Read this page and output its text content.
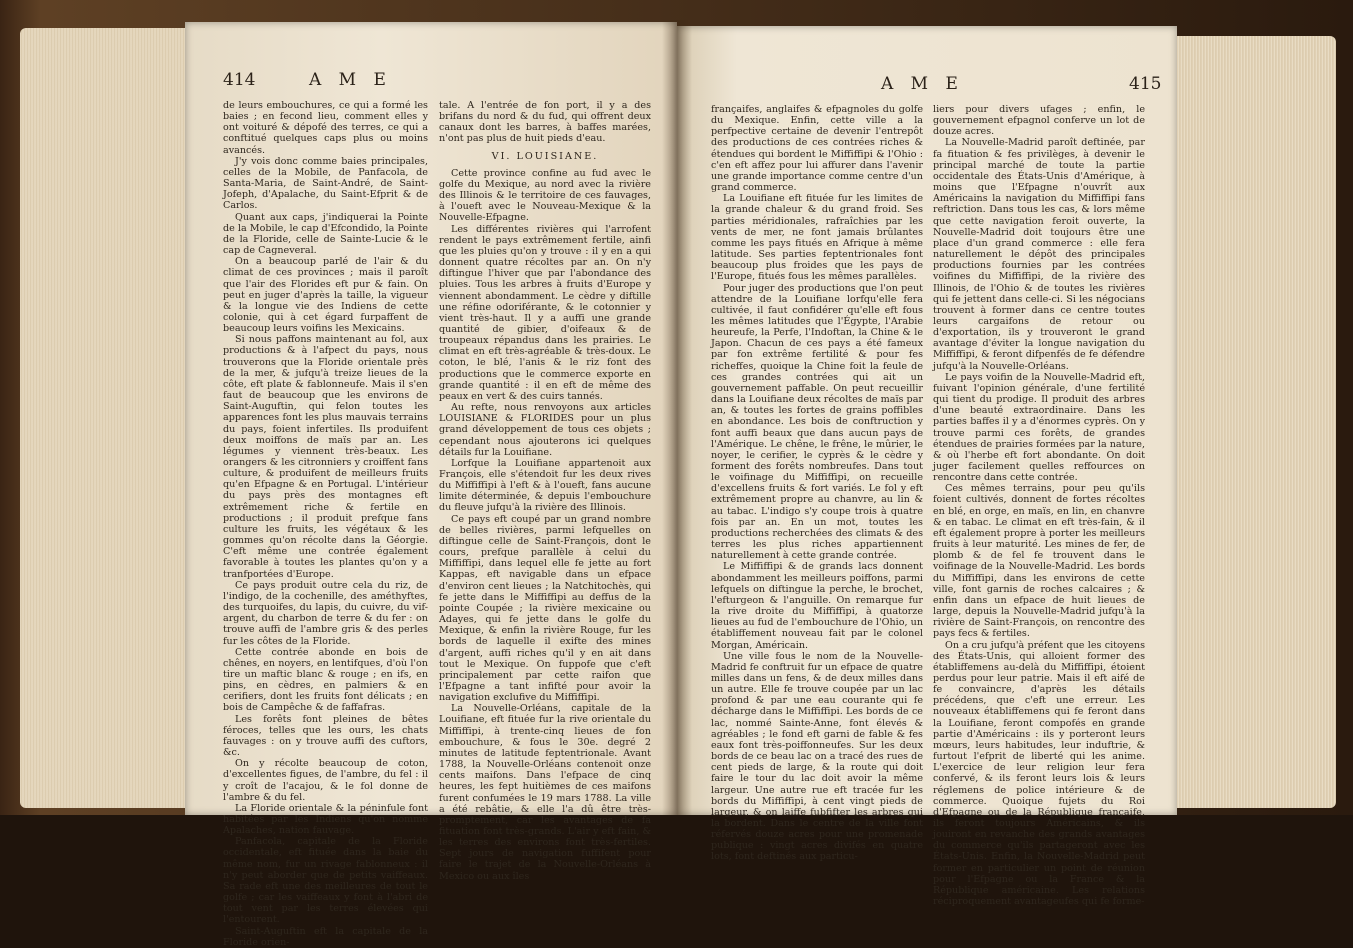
414	A M E

de leurs embouchures, ce qui a formé les baies ; en fecond lieu, comment elles y ont voituré & dépofé des terres, ce qui a conftitué quelques caps plus ou moins avancés.

J'y vois donc comme baies principales, celles de la Mobile, de Panfacola, de Santa-Maria, de Saint-André, de Saint-Jofeph, d'Apalache, du Saint-Efprit & de Carlos.

Quant aux caps, j'indiquerai la Pointe de la Mobile, le cap d'Efcondido, la Pointe de la Floride, celle de Sainte-Lucie & le cap de Cagneveral.

On a beaucoup parlé de l'air & du climat de ces provinces ; mais il paroît que l'air des Florides eft pur & fain. On peut en juger d'après la taille, la vigueur & la longue vie des Indiens de cette colonie, qui à cet égard furpaffent de beaucoup leurs voifins les Mexicains.

Si nous paffons maintenant au fol, aux productions & à l'afpect du pays, nous trouverons que la Floride orientale près de la mer, & jufqu'à treize lieues de la côte, eft plate & fablonneufe. Mais il s'en faut de beaucoup que les environs de Saint-Auguftin, qui felon toutes les apparences font les plus mauvais terrains du pays, foient infertiles. Ils produifent deux moiffons de maïs par an. Les légumes y viennent très-beaux. Les orangers & les citronniers y croiffent fans culture, & produifent de meilleurs fruits qu'en Efpagne & en Portugal. L'intérieur du pays près des montagnes eft extrêmement riche & fertile en productions ; il produit prefque fans culture les fruits, les végétaux & les gommes qu'on récolte dans la Géorgie. C'eft même une contrée également favorable à toutes les plantes qu'on y a tranfportées d'Europe.

Ce pays produit outre cela du riz, de l'indigo, de la cochenille, des améthyftes, des turquoifes, du lapis, du cuivre, du vif-argent, du charbon de terre & du fer : on trouve auffi de l'ambre gris & des perles fur les côtes de la Floride.

Cette contrée abonde en bois de chênes, en noyers, en lentifques, d'où l'on tire un maftic blanc & rouge ; en ifs, en pins, en cèdres, en palmiers & en cerifiers, dont les fruits font délicats ; en bois de Campêche & de faffafras.

Les forêts font pleines de bêtes féroces, telles que les ours, les chats fauvages : on y trouve auffi des cuftors, &c.

On y récolte beaucoup de coton, d'excellentes figues, de l'ambre, du fel : il y croît de l'acajou, & le fol donne de l'ambre & du fel.

La Floride orientale & la péninfule font habitées par les Indiens qu'on nomme Apalaches, nation fauvage.

Panfacola, capitale de la Floride occidentale, eft fituée dans la baie du même nom, fur un rivage fablonneux : il n'y peut aborder que de petits vaiffeaux. Sa rade eft une des meilleures de tout le golfe ; car les vaiffeaux y font à l'abri de tout vent par les terres élevées qui l'entourent.

Saint-Auguftin eft la capitale de la Floride orien-

tale. A l'entrée de fon port, il y a des brifans du nord & du fud, qui offrent deux canaux dont les barres, à baffes marées, n'ont pas plus de huit pieds d'eau.

VI. LOUISIANE.

Cette province confine au fud avec le golfe du Mexique, au nord avec la rivière des Illinois & le territoire de ces fauvages, à l'oueft avec le Nouveau-Mexique & la Nouvelle-Efpagne.

Les différentes rivières qui l'arrofent rendent le pays extrêmement fertile, ainfi que les pluies qu'on y trouve : il y en a qui donnent quatre récoltes par an. On n'y diftingue l'hiver que par l'abondance des pluies. Tous les arbres à fruits d'Europe y viennent abondamment. Le cèdre y diftille une réfine odoriférante, & le cotonnier y vient très-haut. Il y a auffi une grande quantité de gibier, d'oifeaux & de troupeaux répandus dans les prairies. Le climat en eft très-agréable & très-doux. Le coton, le blé, l'anis & le riz font des productions que le commerce exporte en grande quantité : il en eft de même des peaux en vert & des cuirs tannés.

Au refte, nous renvoyons aux articles LOUISIANE & FLORIDES pour un plus grand développement de tous ces objets ; cependant nous ajouterons ici quelques détails fur la Louifiane.

Lorfque la Louifiane appartenoit aux François, elle s'étendoit fur les deux rives du Miffiffipi à l'eft & à l'oueft, fans aucune limite déterminée, & depuis l'embouchure du fleuve jufqu'à la rivière des Illinois.

Ce pays eft coupé par un grand nombre de belles rivières, parmi lefquelles on diftingue celle de Saint-François, dont le cours, prefque parallèle à celui du Miffiffipi, dans lequel elle fe jette au fort Kappas, eft navigable dans un efpace d'environ cent lieues ; la Natchitochès, qui fe jette dans le Miffiffipi au deffus de la pointe Coupée ; la rivière mexicaine ou Adayes, qui fe jette dans le golfe du Mexique, & enfin la rivière Rouge, fur les bords de laquelle il exifte des mines d'argent, auffi riches qu'il y en ait dans tout le Mexique. On fuppofe que c'eft principalement par cette raifon que l'Efpagne a tant infifté pour avoir la navigation exclufive du Miffiffipi.

La Nouvelle-Orléans, capitale de la Louifiane, eft fituée fur la rive orientale du Miffiffipi, à trente-cinq lieues de fon embouchure, & fous le 30e. degré 2 minutes de latitude feptentrionale. Avant 1788, la Nouvelle-Orléans contenoit onze cents maifons. Dans l'efpace de cinq heures, les fept huitièmes de ces maifons furent confumées le 19 mars 1788. La ville a été rebâtie, & elle l'a dû être très-promptement, car les avantages de fa fituation font très-grands. L'air y eft fain, & les terres des environs font très-fertiles. Sept jours de navigation fuffifent pour faire le trajet de la Nouvelle-Orléans à Mexico ou aux îles

A M E	415

françaifes, anglaifes & efpagnoles du golfe du Mexique. Enfin, cette ville a la perfpective certaine de devenir l'entrepôt des productions de ces contrées riches & étendues qui bordent le Miffiffipi & l'Ohio : c'en eft affez pour lui affurer dans l'avenir une grande importance comme centre d'un grand commerce.

La Louifiane eft fituée fur les limites de la grande chaleur & du grand froid. Ses parties méridionales, rafraîchies par les vents de mer, ne font jamais brûlantes comme les pays fitués en Afrique à même latitude. Ses parties feptentrionales font beaucoup plus froides que les pays de l'Europe, fitués fous les mêmes parallèles.

Pour juger des productions que l'on peut attendre de la Louifiane lorfqu'elle fera cultivée, il faut confidérer qu'elle eft fous les mêmes latitudes que l'Égypte, l'Arabie heureufe, la Perfe, l'Indoftan, la Chine & le Japon. Chacun de ces pays a été fameux par fon extrême fertilité & pour fes richeffes, quoique la Chine foit la feule de ces grandes contrées qui ait un gouvernement paffable. On peut recueillir dans la Louifiane deux récoltes de maïs par an, & toutes les fortes de grains poffibles en abondance. Les bois de conftruction y font auffi beaux que dans aucun pays de l'Amérique. Le chêne, le frêne, le mûrier, le noyer, le cerifier, le cyprès & le cèdre y forment des forêts nombreufes. Dans tout le voifinage du Miffiffipi, on recueille d'excellens fruits & fort variés. Le fol y eft extrêmement propre au chanvre, au lin & au tabac. L'indigo s'y coupe trois à quatre fois par an. En un mot, toutes les productions recherchées des climats & des terres les plus riches appartiennent naturellement à cette grande contrée.

Le Miffiffipi & de grands lacs donnent abondamment les meilleurs poiffons, parmi lefquels on diftingue la perche, le brochet, l'efturgeon & l'anguille. On remarque fur la rive droite du Miffiffipi, à quatorze lieues au fud de l'embouchure de l'Ohio, un établiffement nouveau fait par le colonel Morgan, Américain.

Une ville fous le nom de la Nouvelle-Madrid fe conftruit fur un efpace de quatre milles dans un fens, & de deux milles dans un autre. Elle fe trouve coupée par un lac profond & par une eau courante qui fe décharge dans le Miffiffipi. Les bords de ce lac, nommé Sainte-Anne, font élevés & agréables ; le fond eft garni de fable & fes eaux font très-poiffonneufes. Sur les deux bords de ce beau lac on a tracé des rues de cent pieds de large, & la route qui doit faire le tour du lac doit avoir la même largeur. Une autre rue eft tracée fur les bords du Miffiffipi, à cent vingt pieds de largeur, & on laiffe fubfifter les arbres qui la bordent. Dans le centre de la ville font réfervés douze acres pour une promenade publique : vingt acres divifés en quatre lots, font deftinés aux particu-

liers pour divers ufages ; enfin, le gouvernement efpagnol conferve un lot de douze acres.

La Nouvelle-Madrid paroît deftinée, par fa fituation & fes privilèges, à devenir le principal marché de toute la partie occidentale des États-Unis d'Amérique, à moins que l'Efpagne n'ouvrît aux Américains la navigation du Miffiffipi fans reftriction. Dans tous les cas, & lors même que cette navigation feroit ouverte, la Nouvelle-Madrid doit toujours être une place d'un grand commerce : elle fera naturellement le dépôt des principales productions fournies par les contrées voifines du Miffiffipi, de la rivière des Illinois, de l'Ohio & de toutes les rivières qui fe jettent dans celle-ci. Si les négocians trouvent à former dans ce centre toutes leurs cargaifons de retour ou d'exportation, ils y trouveront le grand avantage d'éviter la longue navigation du Miffiffipi, & feront difpenfés de fe défendre jufqu'à la Nouvelle-Orléans.

Le pays voifin de la Nouvelle-Madrid eft, fuivant l'opinion générale, d'une fertilité qui tient du prodige. Il produit des arbres d'une beauté extraordinaire. Dans les parties baffes il y a d'énormes cyprès. On y trouve parmi ces forêts, de grandes étendues de prairies formées par la nature, & où l'herbe eft fort abondante. On doit juger facilement quelles reffources on rencontre dans cette contrée.

Ces mêmes terrains, pour peu qu'ils foient cultivés, donnent de fortes récoltes en blé, en orge, en maïs, en lin, en chanvre & en tabac. Le climat en eft très-fain, & il eft également propre à porter les meilleurs fruits à leur maturité. Les mines de fer, de plomb & de fel fe trouvent dans le voifinage de la Nouvelle-Madrid. Les bords du Miffiffipi, dans les environs de cette ville, font garnis de roches calcaires ; & enfin dans un efpace de huit lieues de large, depuis la Nouvelle-Madrid jufqu'à la rivière de Saint-François, on rencontre des pays fecs & fertiles.

On a cru jufqu'à préfent que les citoyens des États-Unis, qui alloient former des établiffemens au-delà du Miffiffipi, étoient perdus pour leur patrie. Mais il eft aifé de fe convaincre, d'après les détails précédens, que c'eft une erreur. Les nouveaux établiffemens qui fe feront dans la Louifiane, feront compofés en grande partie d'Américains : ils y porteront leurs mœurs, leurs habitudes, leur induftrie, & furtout l'efprit de liberté qui les anime. L'exercice de leur religion leur fera confervé, & ils feront leurs lois & leurs réglemens de police intérieure & de commerce. Quoique fujets du Roi d'Efpagne ou de la République françaife, ils feront toujours Américains, & ils jouiront en revanche des grands avantages du commerce qu'ils partageront avec les États-Unis. Enfin, la Nouvelle-Madrid peut former en particulier un point de réunion pour l'Efpagne ou la France & la République américaine. Les relations réciproquement avantageufes qui fe forme-
